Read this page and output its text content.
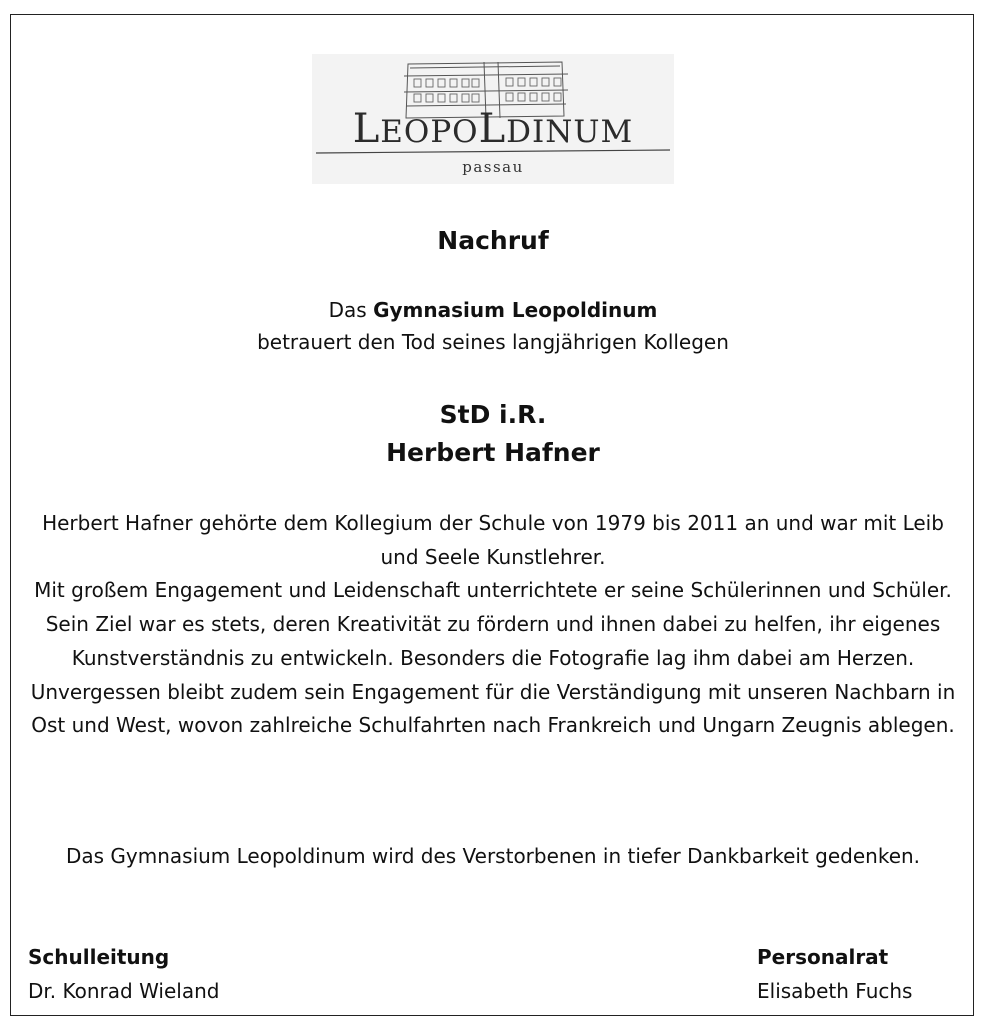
LEOPOLDINUM
passau
Nachruf
Das Gymnasium Leopoldinum
betrauert den Tod seines langjährigen Kollegen
StD i.R.
Herbert Hafner

Herbert Hafner gehörte dem Kollegium der Schule von 1979 bis 2011 an und war mit Leib und Seele Kunstlehrer.

Mit großem Engagement und Leidenschaft unterrichtete er seine Schülerinnen und Schüler. Sein Ziel war es stets, deren Kreativität zu fördern und ihnen dabei zu helfen, ihr eigenes Kunstverständnis zu entwickeln. Besonders die Fotografie lag ihm dabei am Herzen.

Unvergessen bleibt zudem sein Engagement für die Verständigung mit unseren Nachbarn in Ost und West, wovon zahlreiche Schulfahrten nach Frankreich und Ungarn Zeugnis ablegen.

Das Gymnasium Leopoldinum wird des Verstorbenen in tiefer Dankbarkeit gedenken.
Schulleitung
Dr. Konrad Wieland
Personalrat
Elisabeth Fuchs
